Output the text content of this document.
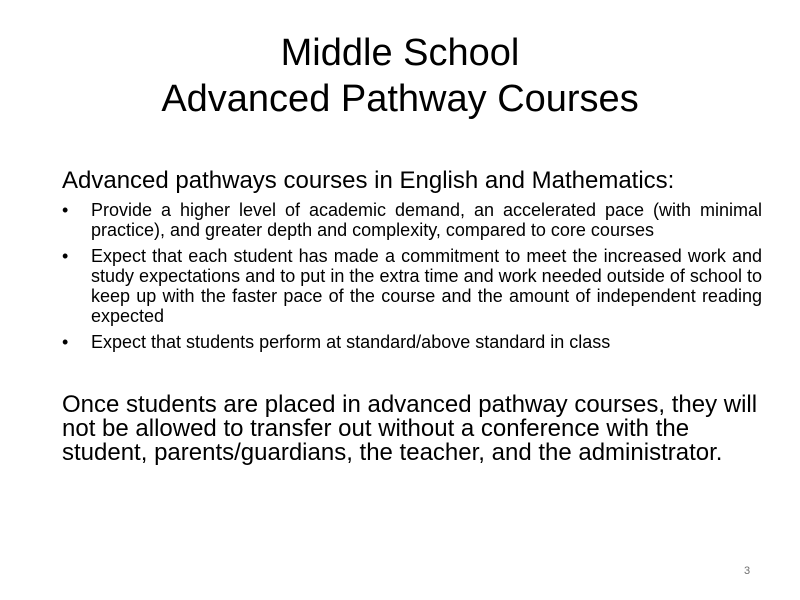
Middle School
Advanced Pathway Courses

Advanced pathways courses in English and Mathematics:

•	Provide a higher level of academic demand, an accelerated pace (with minimal practice), and greater depth and complexity, compared to core courses
•	Expect that each student has made a commitment to meet the increased work and study expectations and to put in the extra time and work needed outside of school to keep up with the faster pace of the course and the amount of independent reading expected
•	Expect that students perform at standard/above standard in class

Once students are placed in advanced pathway courses, they will not be allowed to transfer out without a conference with the student, parents/guardians, the teacher, and the administrator.

3
